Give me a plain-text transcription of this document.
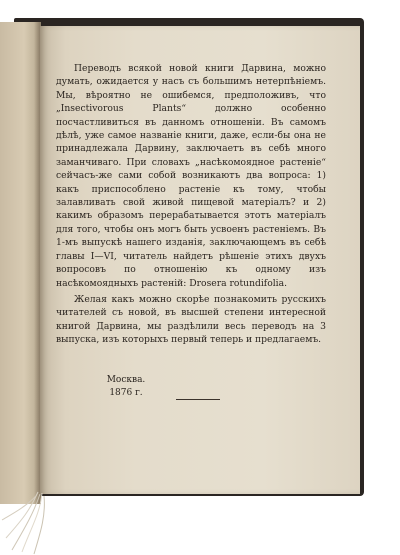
Переводъ всякой новой книги Дарвина, можно думать, ожидается у насъ съ большимъ нетерпѣніемъ. Мы, вѣроятно не ошибемся, предположивъ, что „Insectivorous Plants“ должно особенно посчастливиться въ данномъ отношеніи. Въ самомъ дѣлѣ, уже самое названіе книги, даже, если-бы она не принадлежала Дарвину, заключаетъ въ себѣ много заманчиваго. При словахъ „насѣкомоядное растеніе“ сейчасъ-же сами собой возникаютъ два вопроса: 1) какъ приспособлено растеніе къ тому, чтобы залавливать свой живой пищевой матеріалъ? и 2) какимъ образомъ перерабатывается этотъ матеріалъ для того, чтобы онъ могъ быть усвоенъ растеніемъ. Въ 1-мъ выпускѣ нашего изданія, заключающемъ въ себѣ главы I—VI, читатель найдетъ рѣшеніе этихъ двухъ вопросовъ по отношенію къ одному изъ насѣкомоядныхъ растеній: Drosera rotundifolia.

Желая какъ можно скорѣе познакомить русскихъ читателей съ новой, въ высшей степени интересной книгой Дарвина, мы раздѣлили весь переводъ на 3 выпуска, изъ которыхъ первый теперь и предлагаемъ.

Москва.
1876 г.
